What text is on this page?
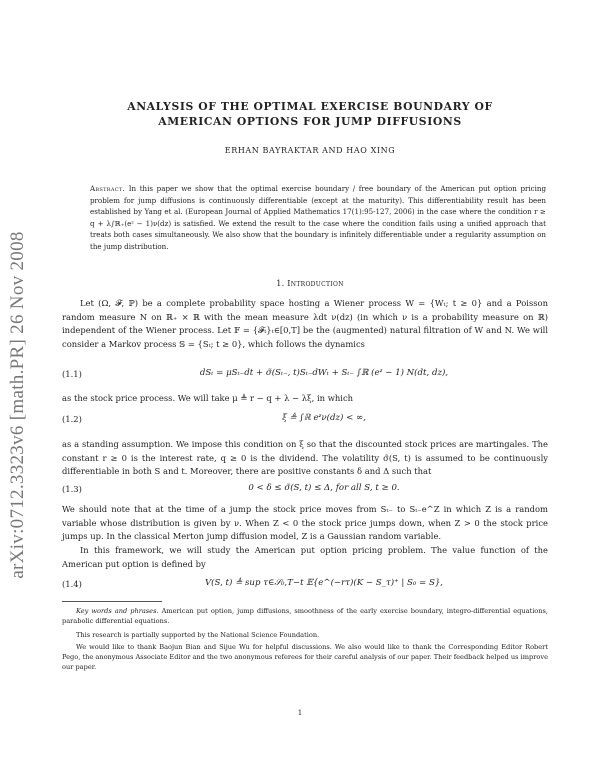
arXiv:0712.3323v6 [math.PR] 26 Nov 2008
ANALYSIS OF THE OPTIMAL EXERCISE BOUNDARY OF
AMERICAN OPTIONS FOR JUMP DIFFUSIONS
ERHAN BAYRAKTAR AND HAO XING
Abstract. In this paper we show that the optimal exercise boundary / free boundary of the American put option pricing problem for jump diffusions is continuously differentiable (except at the maturity). This differentiability result has been established by Yang et al. (European Journal of Applied Mathematics 17(1):95-127, 2006) in the case where the condition r ≥ q + λ∫ℝ₊(eᶻ − 1)ν(dz) is satisfied. We extend the result to the case where the condition fails using a unified approach that treats both cases simultaneously. We also show that the boundary is infinitely differentiable under a regularity assumption on the jump distribution.
1. Introduction
Let (Ω, 𝓕, ℙ) be a complete probability space hosting a Wiener process W = {Wₜ; t ≥ 0} and a Poisson random measure N on ℝ₊ × ℝ with the mean measure λdt ν(dz) (in which ν is a probability measure on ℝ) independent of the Wiener process. Let 𝔽 = {𝓕ₜ}ₜ∈[0,T] be the (augmented) natural filtration of W and N. We will consider a Markov process 𝕊 = {Sₜ; t ≥ 0}, which follows the dynamics
(1.1)	dSₜ = μSₜ₋dt + σ̃(Sₜ₋, t)Sₜ₋dWₜ + Sₜ₋ ∫ℝ (eᶻ − 1) N(dt, dz),
as the stock price process. We will take μ ≜ r − q + λ − λξ, in which
(1.2)	ξ ≜ ∫ℝ eᶻν(dz) < ∞,
as a standing assumption. We impose this condition on ξ so that the discounted stock prices are martingales. The constant r ≥ 0 is the interest rate, q ≥ 0 is the dividend. The volatility σ̃(S, t) is assumed to be continuously differentiable in both S and t. Moreover, there are positive constants δ and Δ such that
(1.3)	0 < δ ≤ σ̃(S, t) ≤ Δ, for all S, t ≥ 0.
We should note that at the time of a jump the stock price moves from Sₜ₋ to Sₜ₋e^Z in which Z is a random variable whose distribution is given by ν. When Z < 0 the stock price jumps down, when Z > 0 the stock price jumps up. In the classical Merton jump diffusion model, Z is a Gaussian random variable.
In this framework, we will study the American put option pricing problem. The value function of the American put option is defined by
(1.4)	V(S, t) ≜ sup τ∈𝒮₀,T−t 𝔼{e^(−rτ)(K − S_τ)⁺ | S₀ = S},
Key words and phrases. American put option, jump diffusions, smoothness of the early exercise boundary, integro-differential equations, parabolic differential equations.
This research is partially supported by the National Science Foundation.
We would like to thank Baojun Bian and Sijue Wu for helpful discussions. We also would like to thank the Corresponding Editor Robert Pego, the anonymous Associate Editor and the two anonymous referees for their careful analysis of our paper. Their feedback helped us improve our paper.
1
